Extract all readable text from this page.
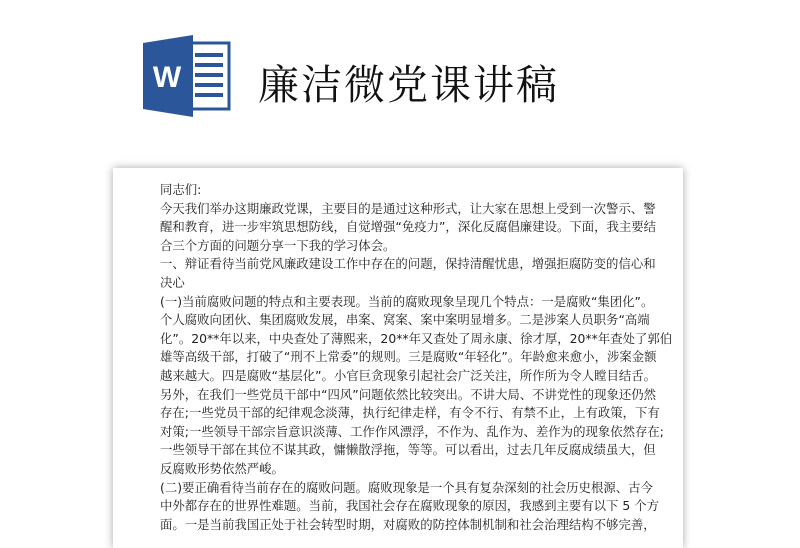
W 廉洁微党课讲稿
同志们:
今天我们举办这期廉政党课，主要目的是通过这种形式，让大家在思想上受到一次警示、警
醒和教育，进一步牢筑思想防线，自觉增强“免疫力”，深化反腐倡廉建设。下面，我主要结
合三个方面的问题分享一下我的学习体会。
一、辩证看待当前党风廉政建设工作中存在的问题，保持清醒忧患，增强拒腐防变的信心和
决心
(一)当前腐败问题的特点和主要表现。当前的腐败现象呈现几个特点：一是腐败“集团化”。
个人腐败向团伙、集团腐败发展，串案、窝案、案中案明显增多。二是涉案人员职务“高端
化”。20**年以来，中央查处了薄熙来，20**年又查处了周永康、徐才厚，20**年查处了郭伯
雄等高级干部，打破了“刑不上常委”的规则。三是腐败“年轻化”。年龄愈来愈小，涉案金额
越来越大。四是腐败“基层化”。小官巨贪现象引起社会广泛关注，所作所为令人瞠目结舌。
另外，在我们一些党员干部中“四风”问题依然比较突出。不讲大局、不讲党性的现象还仍然
存在;一些党员干部的纪律观念淡薄，执行纪律走样，有令不行、有禁不止，上有政策，下有
对策;一些领导干部宗旨意识淡薄、工作作风漂浮，不作为、乱作为、差作为的现象依然存在;
一些领导干部在其位不谋其政，慵懒散浮拖，等等。可以看出，过去几年反腐成绩虽大，但
反腐败形势依然严峻。
(二)要正确看待当前存在的腐败问题。腐败现象是一个具有复杂深刻的社会历史根源、古今
中外都存在的世界性难题。当前，我国社会存在腐败现象的原因，我感到主要有以下 5 个方
面。一是当前我国正处于社会转型时期，对腐败的防控体制机制和社会治理结构不够完善，
